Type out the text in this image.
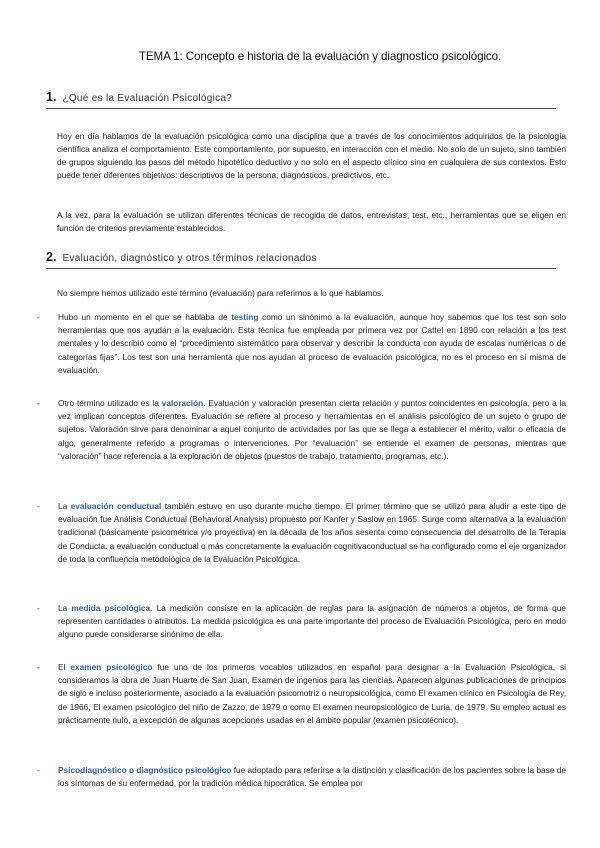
TEMA 1: Concepto e historia de la evaluación y diagnostico psicológico.
1. ¿Qué es la Evaluación Psicológica?
Hoy en día hablamos de la evaluación psicológica como una disciplina que a través de los conocimientos adquiridos de la psicología científica analiza el comportamiento. Este comportamiento, por supuesto, en interacción con el medio. No solo de un sujeto, sino también de grupos siguiendo los pasos del método hipotético deductivo y no solo en el aspecto clínico sino en cualquiera de sus contextos. Esto puede tener diferentes objetivos: descriptivos de la persona, diagnósticos, predictivos, etc.
A la vez, para la evaluación se utilizan diferentes técnicas de recogida de datos, entrevistas, test, etc., herramientas que se eligen en función de criterios previamente establecidos.
2. Evaluación, diagnóstico y otros términos relacionados
No siempre hemos utilizado este término (evaluación) para referirnos a lo que hablamos.
- Hubo un momento en el que se hablaba de testing como un sinónimo a la evaluación, aunque hoy sabemos que los test son solo herramientas que nos ayudan a la evaluación. Esta técnica fue empleada por primera vez por Cattel en 1890 con relación a los test mentales y lo describió como el “procedimiento sistemático para observar y describir la conducta con ayuda de escalas numéricas o de categorías fijas”. Los test son una herramienta que nos ayudan al proceso de evaluación psicológica, no es el proceso en sí misma de evaluación.
- Otro término utilizado es la valoración. Evaluación y valoración presentan cierta relación y puntos coincidentes en psicología, pero a la vez implican conceptos diferentes. Evaluación se refiere al proceso y herramientas en el análisis psicológico de un sujeto o grupo de sujetos. Valoración sirve para denominar a aquel conjunto de actividades por las que se llega a establecer el mérito, valor o eficacia de algo, generalmente referido a programas o intervenciones. Por “evaluación” se entiende el examen de personas, mientras que “valoración” hace referencia a la exploración de objetos (puestos de trabajo, tratamiento, programas, etc.).
- La evaluación conductual también estuvo en uso durante mucho tiempo. El primer término que se utilizó para aludir a este tipo de evaluación fue Análisis Conductual (Behavioral Analysis) propuesto por Kanfer y Saslow en 1965. Surge como alternativa a la evaluación tradicional (básicamente psicométrica y/o proyectiva) en la década de los años sesenta como consecuencia del desarrollo de la Terapia de Conducta. a evaluación conductual o más concretamente la evaluación cognitivaconductual se ha configurado como el eje organizador de toda la confluencia metodológica de la Evaluación Psicológica.
- La medida psicológica. La medición consiste en la aplicación de reglas para la asignación de números a objetos, de forma que representen cantidades o atributos. La medida psicológica es una parte importante del proceso de Evaluación Psicológica, pero en modo alguno puede considerarse sinónimo de ella.
- El examen psicológico fue uno de los primeros vocablos utilizados en español para designar a la Evaluación Psicológica, si consideramos la obra de Juan Huarte de San Juan, Examen de ingenios para las ciencias. Aparecen algunas publicaciones de principios de siglo e incluso posteriormente, asociado a la evaluación psicomotriz o neuropsicológica, como El examen clínico en Psicología de Rey, de 1966, El examen psicológico del niño de Zazzo, de 1979 o como El examen neuropsicológico de Luria, de 1979. Su empleo actual es prácticamente nulo, a excepción de algunas acepciones usadas en el ámbito popular (examen psicotécnico).
- Psicodiagnóstico o diagnóstico psicológico fue adoptado para referirse a la distinción y clasificación de los pacientes sobre la base de los síntomas de su enfermedad, por la tradición médica hipocrática. Se emplea por
